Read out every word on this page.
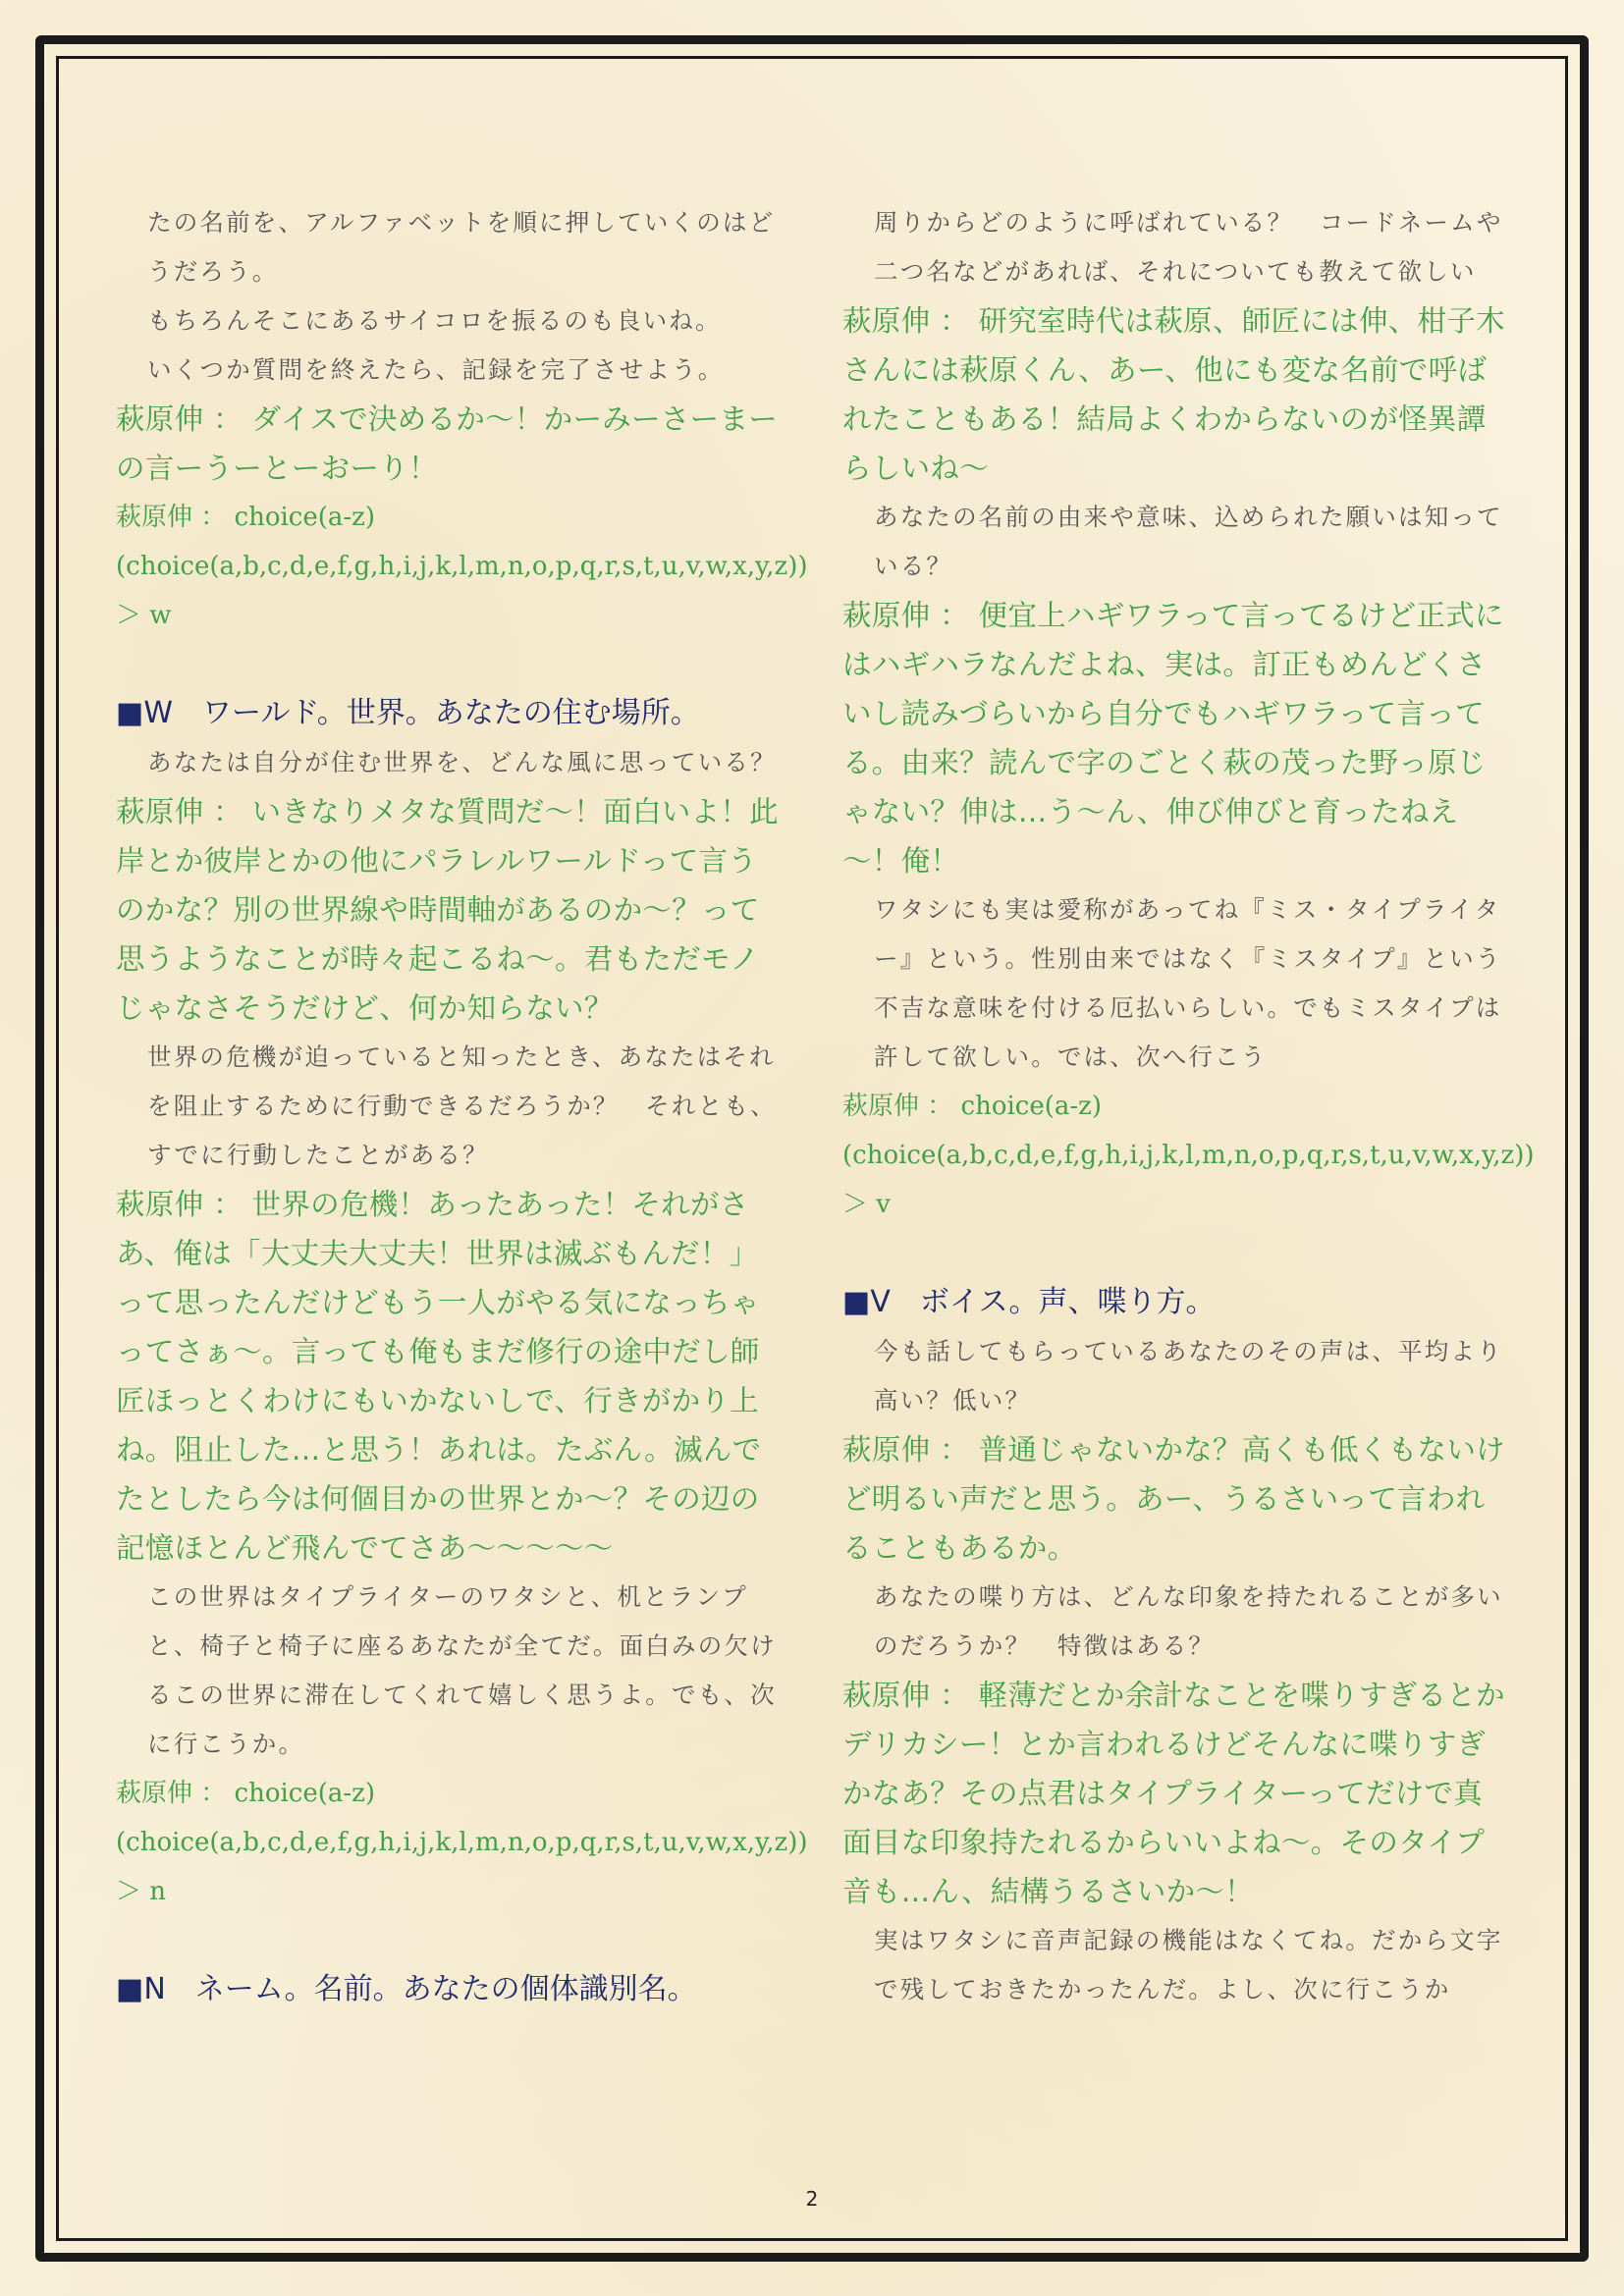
たの名前を、アルファベットを順に押していくのはどうだろう。

もちろんそこにあるサイコロを振るのも良いね。

いくつか質問を終えたら、記録を完了させよう。

萩原伸 ： ダイスで決めるか～！かーみーさーまーの言ーうーとーおーり！

萩原伸 ： choice(a-z)

(choice(a,b,c,d,e,f,g,h,i,j,k,l,m,n,o,p,q,r,s,t,u,v,w,x,y,z)) ＞ w

■W　ワールド。世界。あなたの住む場所。

あなたは自分が住む世界を、どんな風に思っている？

萩原伸 ： いきなりメタな質問だ～！面白いよ！此岸とか彼岸とかの他にパラレルワールドって言うのかな？別の世界線や時間軸があるのか～？って思うようなことが時々起こるね～。君もただモノじゃなさそうだけど、何か知らない？

世界の危機が迫っていると知ったとき、あなたはそれを阻止するために行動できるだろうか？　それとも、すでに行動したことがある？

萩原伸 ： 世界の危機！あったあった！それがさあ、俺は「大丈夫大丈夫！世界は滅ぶもんだ！」って思ったんだけどもう一人がやる気になっちゃってさぁ～。言っても俺もまだ修行の途中だし師匠ほっとくわけにもいかないしで、行きがかり上ね。阻止した…と思う！あれは。たぶん。滅んでたとしたら今は何個目かの世界とか～？その辺の記憶ほとんど飛んでてさあ～～～～～

この世界はタイプライターのワタシと、机とランプと、椅子と椅子に座るあなたが全てだ。面白みの欠けるこの世界に滞在してくれて嬉しく思うよ。でも、次に行こうか。

萩原伸 ： choice(a-z)

(choice(a,b,c,d,e,f,g,h,i,j,k,l,m,n,o,p,q,r,s,t,u,v,w,x,y,z)) ＞ n

■N　ネーム。名前。あなたの個体識別名。

周りからどのように呼ばれている？　コードネームや二つ名などがあれば、それについても教えて欲しい

萩原伸 ： 研究室時代は萩原、師匠には伸、柑子木さんには萩原くん、あー、他にも変な名前で呼ばれたこともある！結局よくわからないのが怪異譚らしいね～

あなたの名前の由来や意味、込められた願いは知っている？

萩原伸 ： 便宜上ハギワラって言ってるけど正式にはハギハラなんだよね、実は。訂正もめんどくさいし読みづらいから自分でもハギワラって言ってる。由来？読んで字のごとく萩の茂った野っ原じゃない？伸は…う～ん、伸び伸びと育ったねえ～！俺！

ワタシにも実は愛称があってね『ミス・タイプライター』という。性別由来ではなく『ミスタイプ』という不吉な意味を付ける厄払いらしい。でもミスタイプは許して欲しい。では、次へ行こう

萩原伸 ： choice(a-z)

(choice(a,b,c,d,e,f,g,h,i,j,k,l,m,n,o,p,q,r,s,t,u,v,w,x,y,z)) ＞ v

■V　ボイス。声、喋り方。

今も話してもらっているあなたのその声は、平均より高い？低い？

萩原伸 ： 普通じゃないかな？高くも低くもないけど明るい声だと思う。あー、うるさいって言われることもあるか。

あなたの喋り方は、どんな印象を持たれることが多いのだろうか？　特徴はある？

萩原伸 ： 軽薄だとか余計なことを喋りすぎるとかデリカシー！とか言われるけどそんなに喋りすぎかなあ？その点君はタイプライターってだけで真面目な印象持たれるからいいよね～。そのタイプ音も…ん、結構うるさいか～！

実はワタシに音声記録の機能はなくてね。だから文字で残しておきたかったんだ。よし、次に行こうか

2
